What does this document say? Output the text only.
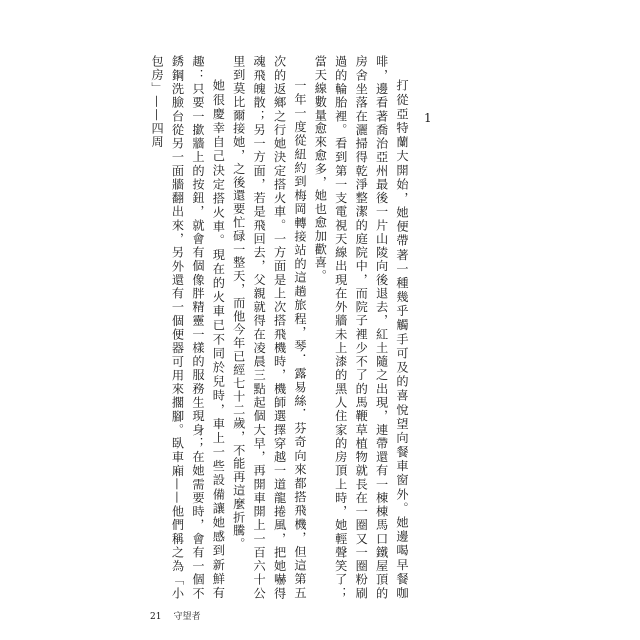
1

打從亞特蘭大開始，她便帶著一種幾乎觸手可及的喜悅望向餐車窗外。她邊喝早餐咖啡，邊看著喬治亞州最後一片山陵向後退去，紅土隨之出現，連帶還有一棟棟馬口鐵屋頂的房舍坐落在灑掃得乾淨整潔的庭院中，而院子裡少不了的馬鞭草植物就長在一圈又一圈粉刷過的輪胎裡。看到第一支電視天線出現在外牆未上漆的黑人住家的房頂上時，她輕聲笑了；當天線數量愈來愈多，她也愈加歡喜。

一年一度從紐約到梅岡轉接站的這趟旅程，琴．露易絲．芬奇向來都搭飛機，但這第五次的返鄉之行她決定搭火車。一方面是上次搭飛機時，機師選擇穿越一道龍捲風，把她嚇得魂飛魄散；另一方面，若是飛回去，父親就得在凌晨三點起個大早，再開車開上一百六十公里到莫比爾接她，之後還要忙碌一整天，而他今年已經七十二歲，不能再這麼折騰。

她很慶幸自己決定搭火車。現在的火車已不同於兒時，車上一些設備讓她感到新鮮有趣：只要一撳牆上的按鈕，就會有個像胖精靈一樣的服務生現身；在她需要時，會有一個不銹鋼洗臉台從另一面牆翻出來，另外還有一個便器可用來擱腳。臥車廂——他們稱之為「小包房」——四周

21 守望者
